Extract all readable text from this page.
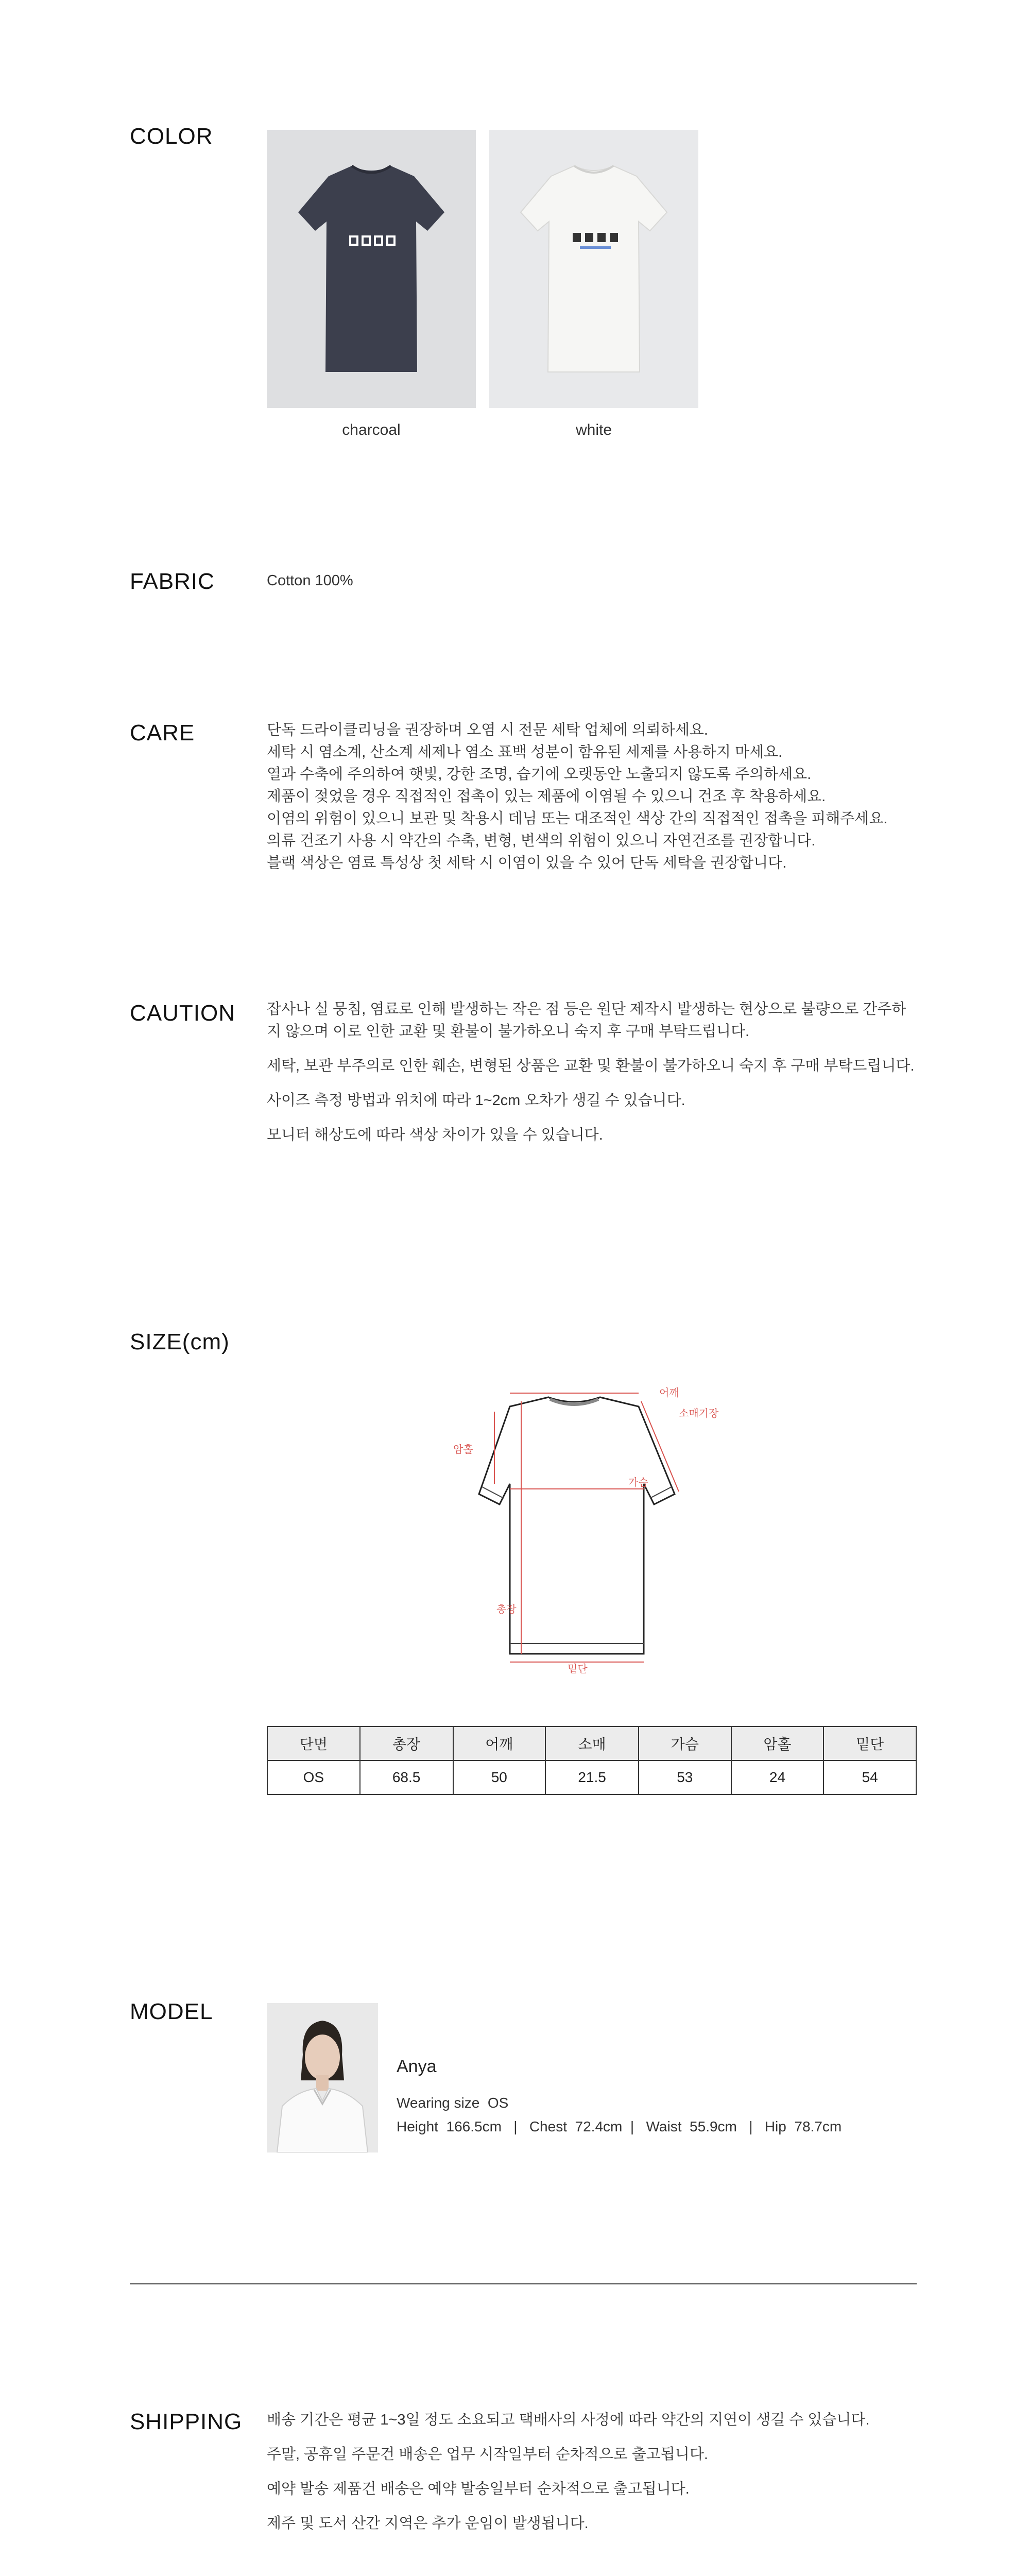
COLOR
charcoal	white
FABRIC	Cotton 100%
CARE	단독 드라이클리닝을 권장하며 오염 시 전문 세탁 업체에 의뢰하세요.

세탁 시 염소계, 산소계 세제나 염소 표백 성분이 함유된 세제를 사용하지 마세요.

열과 수축에 주의하여 햇빛, 강한 조명, 습기에 오랫동안 노출되지 않도록 주의하세요.

제품이 젖었을 경우 직접적인 접촉이 있는 제품에 이염될 수 있으니 건조 후 착용하세요.

이염의 위험이 있으니 보관 및 착용시 데님 또는 대조적인 색상 간의 직접적인 접촉을 피해주세요.

의류 건조기 사용 시 약간의 수축, 변형, 변색의 위험이 있으니 자연건조를 권장합니다.

블랙 색상은 염료 특성상 첫 세탁 시 이염이 있을 수 있어 단독 세탁을 권장합니다.

CAUTION 잡사나 실 뭉침, 염료로 인해 발생하는 작은 점 등은 원단 제작시 발생하는 현상으로 불량으로 간주하지 않으며 이로 인한 교환 및 환불이 불가하오니 숙지 후 구매 부탁드립니다.

세탁, 보관 부주의로 인한 훼손, 변형된 상품은 교환 및 환불이 불가하오니 숙지 후 구매 부탁드립니다.

사이즈 측정 방법과 위치에 따라 1~2cm 오차가 생길 수 있습니다.

모니터 해상도에 따라 색상 차이가 있을 수 있습니다.

SIZE(cm)
어깨
소매기장
암홀
가슴
총장
밑단
단면	총장	어깨	소매	가슴	암홀	밑단
OS	68.5	50	21.5	53	24	54
MODEL
Anya
Wearing size  OS
Height  166.5cm   |   Chest  72.4cm  |   Waist  55.9cm   |   Hip  78.7cm
SHIPPING 배송 기간은 평균 1~3일 정도 소요되고 택배사의 사정에 따라 약간의 지연이 생길 수 있습니다.

주말, 공휴일 주문건 배송은 업무 시작일부터 순차적으로 출고됩니다.

예약 발송 제품건 배송은 예약 발송일부터 순차적으로 출고됩니다.

제주 및 도서 산간 지역은 추가 운임이 발생됩니다.
